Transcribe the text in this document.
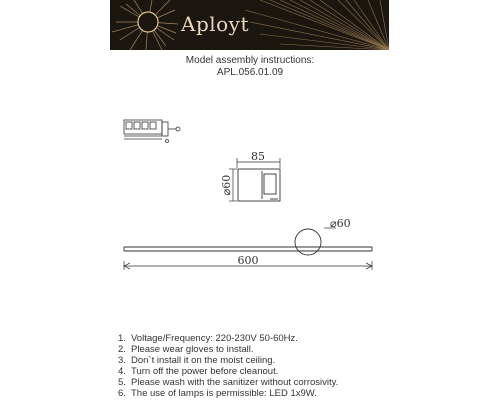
Aployt
Model assembly instructions:
APL.056.01.09
85
⌀60
⌀60
600
1. Voltage/Frequency: 220-230V 50-60Hz.
2. Please wear gloves to install.
3. Don`t install it on the moist ceiling.
4. Turn off the power before cleanout.
5. Please wash with the sanitizer without corrosivity.
6. The use of lamps is permissible: LED 1x9W.
